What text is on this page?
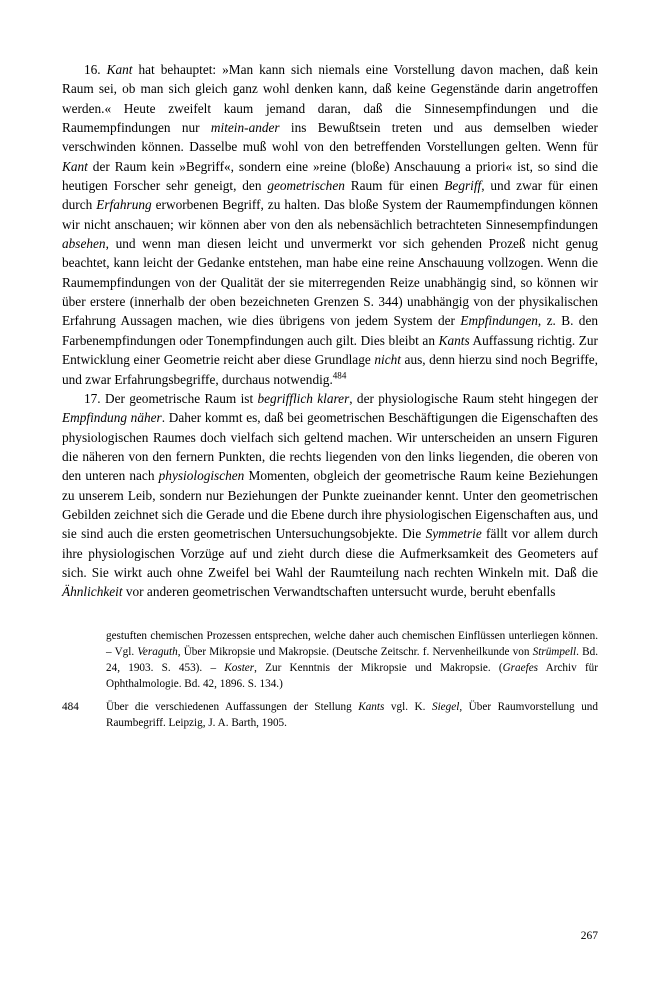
16. Kant hat behauptet: »Man kann sich niemals eine Vorstellung davon machen, daß kein Raum sei, ob man sich gleich ganz wohl denken kann, daß keine Gegenstände darin angetroffen werden.« Heute zweifelt kaum jemand daran, daß die Sinnesempfindungen und die Raumempfindungen nur mitein-ander ins Bewußtsein treten und aus demselben wieder verschwinden können. Dasselbe muß wohl von den betreffenden Vorstellungen gelten. Wenn für Kant der Raum kein »Begriff«, sondern eine »reine (bloße) Anschauung a priori« ist, so sind die heutigen Forscher sehr geneigt, den geometrischen Raum für einen Begriff, und zwar für einen durch Erfahrung erworbenen Begriff, zu halten. Das bloße System der Raumempfindungen können wir nicht anschauen; wir können aber von den als nebensächlich betrachteten Sinnesempfindungen absehen, und wenn man diesen leicht und unvermerkt vor sich gehenden Prozeß nicht genug beachtet, kann leicht der Gedanke entstehen, man habe eine reine Anschauung vollzogen. Wenn die Raumempfindungen von der Qualität der sie miterregenden Reize unabhängig sind, so können wir über erstere (innerhalb der oben bezeichneten Grenzen S. 344) unabhängig von der physikalischen Erfahrung Aussagen machen, wie dies übrigens von jedem System der Empfindungen, z. B. den Farbenempfindungen oder Tonempfindungen auch gilt. Dies bleibt an Kants Auffassung richtig. Zur Entwicklung einer Geometrie reicht aber diese Grundlage nicht aus, denn hierzu sind noch Begriffe, und zwar Erfahrungsbegriffe, durchaus notwendig.$^{484}$

17. Der geometrische Raum ist begrifflich klarer, der physiologische Raum steht hingegen der Empfindung näher. Daher kommt es, daß bei geometrischen Beschäftigungen die Eigenschaften des physiologischen Raumes doch vielfach sich geltend machen. Wir unterscheiden an unsern Figuren die näheren von den fernern Punkten, die rechts liegenden von den links liegenden, die oberen von den unteren nach physiologischen Momenten, obgleich der geometrische Raum keine Beziehungen zu unserem Leib, sondern nur Beziehungen der Punkte zueinander kennt. Unter den geometrischen Gebilden zeichnet sich die Gerade und die Ebene durch ihre physiologischen Eigenschaften aus, und sie sind auch die ersten geometrischen Untersuchungsobjekte. Die Symmetrie fällt vor allem durch ihre physiologischen Vorzüge auf und zieht durch diese die Aufmerksamkeit des Geometers auf sich. Sie wirkt auch ohne Zweifel bei Wahl der Raumteilung nach rechten Winkeln mit. Daß die Ähnlichkeit vor anderen geometrischen Verwandtschaften untersucht wurde, beruht ebenfalls

gestuften chemischen Prozessen entsprechen, welche daher auch chemischen Einflüssen unterliegen können. – Vgl. Veraguth, Über Mikropsie und Makropsie. (Deutsche Zeitschr. f. Nervenheilkunde von Strümpell. Bd. 24, 1903. S. 453). – Koster, Zur Kenntnis der Mikropsie und Makropsie. (Graefes Archiv für Ophthalmologie. Bd. 42, 1896. S. 134.)

484	Über die verschiedenen Auffassungen der Stellung Kants vgl. K. Siegel, Über Raumvorstellung und Raumbegriff. Leipzig, J. A. Barth, 1905.
267
